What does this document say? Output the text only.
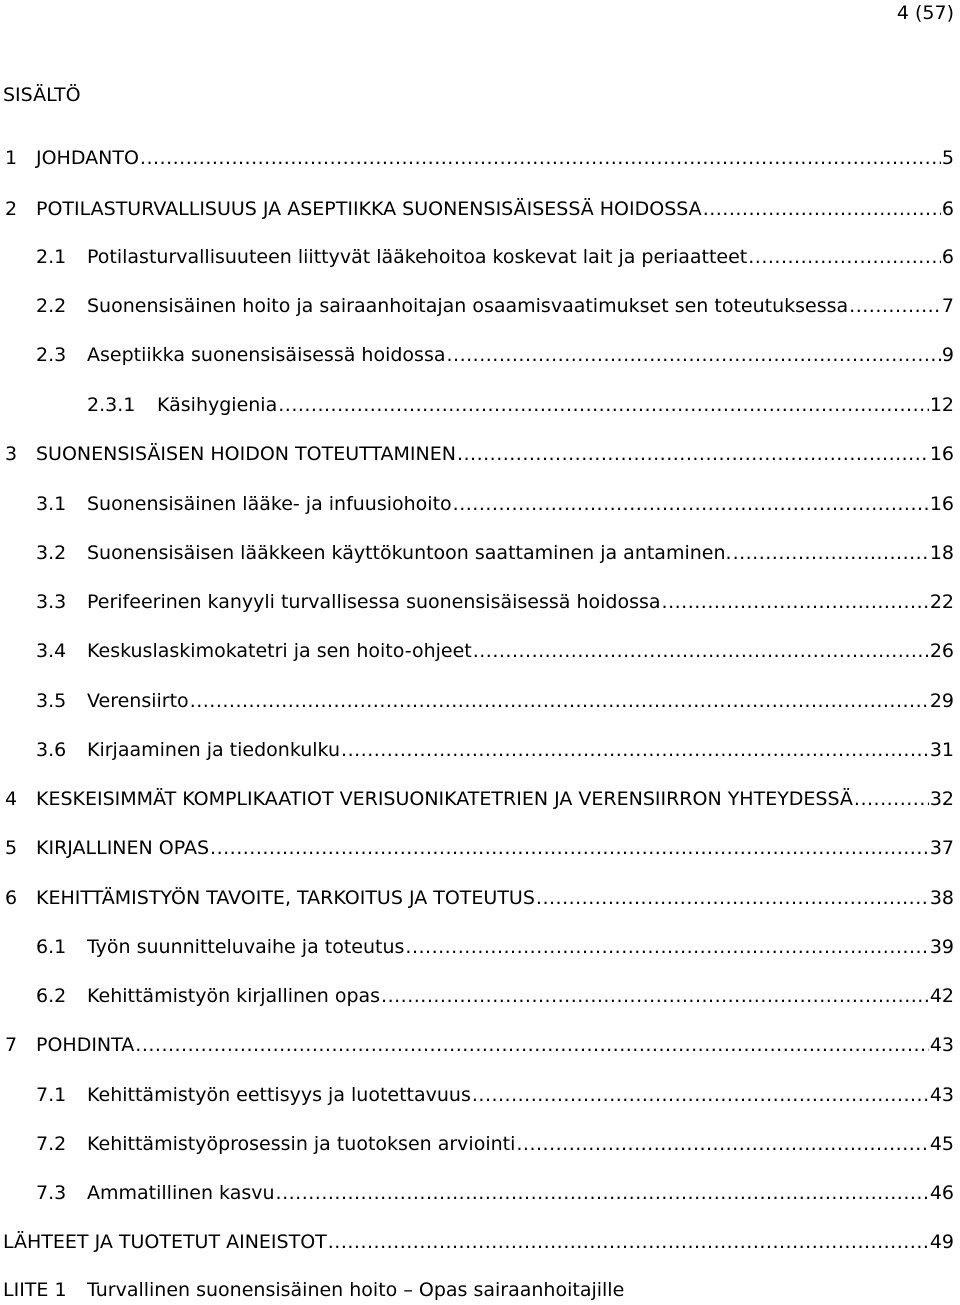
4 (57)
SISÄLTÖ
1 JOHDANTO .....	5
2 POTILASTURVALLISUUS JA ASEPTIIKKA SUONENSISÄISESSÄ HOIDOSSA .....	6
2.1	Potilasturvallisuuteen liittyvät lääkehoitoa koskevat lait ja periaatteet .....	6
2.2	Suonensisäinen hoito ja sairaanhoitajan osaamisvaatimukset sen toteutuksessa .....	7
2.3	Aseptiikka suonensisäisessä hoidossa .....	9
2.3.1	Käsihygienia .....	12
3 SUONENSISÄISEN HOIDON TOTEUTTAMINEN .....	16
3.1	Suonensisäinen lääke- ja infuusiohoito .....	16
3.2	Suonensisäisen lääkkeen käyttökuntoon saattaminen ja antaminen. .....	18
3.3	Perifeerinen kanyyli turvallisessa suonensisäisessä hoidossa .....	22
3.4	Keskuslaskimokatetri ja sen hoito-ohjeet .....	26
3.5	Verensiirto .....	29
3.6	Kirjaaminen ja tiedonkulku .....	31
4 KESKEISIMMÄT KOMPLIKAATIOT VERISUONIKATETRIEN JA VERENSIIRRON YHTEYDESSÄ .....	32
5 KIRJALLINEN OPAS .....	37
6 KEHITTÄMISTYÖN TAVOITE, TARKOITUS JA TOTEUTUS .....	38
6.1	Työn suunnitteluvaihe ja toteutus .....	39
6.2	Kehittämistyön kirjallinen opas .....	42
7 POHDINTA .....	43
7.1	Kehittämistyön eettisyys ja luotettavuus .....	43
7.2	Kehittämistyöprosessin ja tuotoksen arviointi .....	45
7.3	Ammatillinen kasvu .....	46
LÄHTEET JA TUOTETUT AINEISTOT .....	49
LIITE 1 Turvallinen suonensisäinen hoito – Opas sairaanhoitajille
